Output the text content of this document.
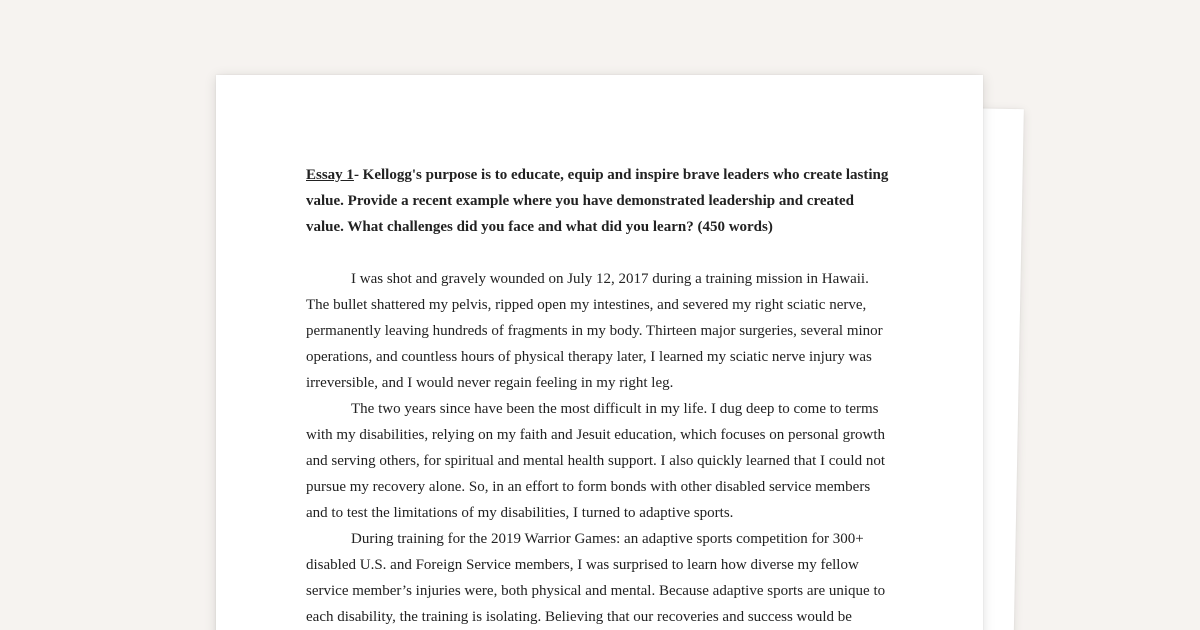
Essay 1- Kellogg's purpose is to educate, equip and inspire brave leaders who create lasting
value. Provide a recent example where you have demonstrated leadership and created
value. What challenges did you face and what did you learn? (450 words)

I was shot and gravely wounded on July 12, 2017 during a training mission in Hawaii.
The bullet shattered my pelvis, ripped open my intestines, and severed my right sciatic nerve,
permanently leaving hundreds of fragments in my body. Thirteen major surgeries, several minor
operations, and countless hours of physical therapy later, I learned my sciatic nerve injury was
irreversible, and I would never regain feeling in my right leg.

The two years since have been the most difficult in my life. I dug deep to come to terms
with my disabilities, relying on my faith and Jesuit education, which focuses on personal growth
and serving others, for spiritual and mental health support. I also quickly learned that I could not
pursue my recovery alone. So, in an effort to form bonds with other disabled service members
and to test the limitations of my disabilities, I turned to adaptive sports.

During training for the 2019 Warrior Games: an adaptive sports competition for 300+
disabled U.S. and Foreign Service members, I was surprised to learn how diverse my fellow
service member’s injuries were, both physical and mental. Because adaptive sports are unique to
each disability, the training is isolating. Believing that our recoveries and success would be
